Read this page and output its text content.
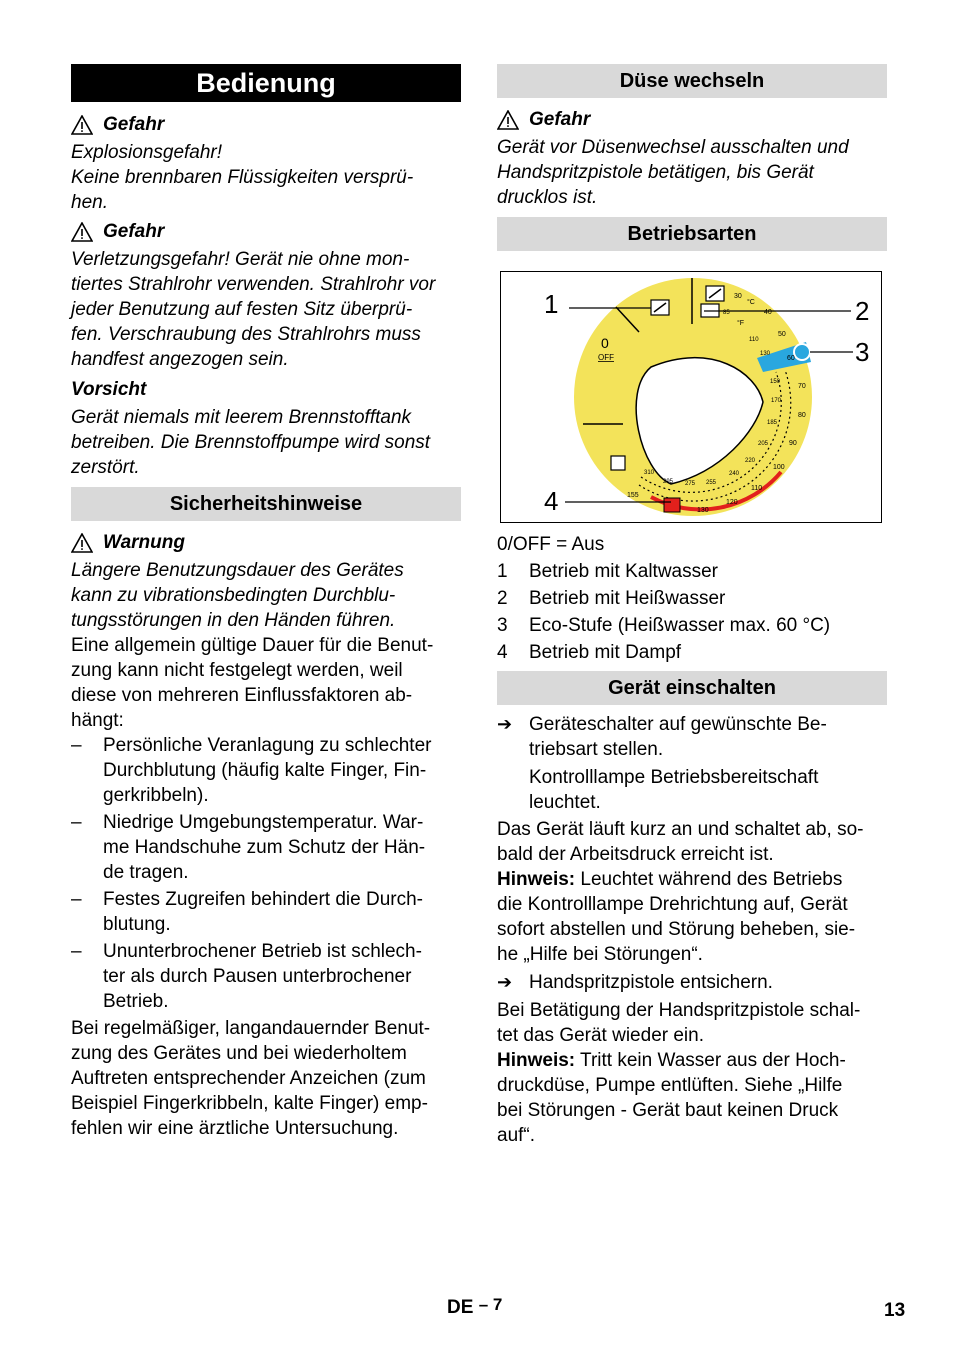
Bedienung
Gefahr

Explosionsgefahr!
Keine brennbaren Flüssigkeiten versprü-
hen.

Gefahr

Verletzungsgefahr! Gerät nie ohne mon-
tiertes Strahlrohr verwenden. Strahlrohr vor
jeder Benutzung auf festen Sitz überprü-
fen. Verschraubung des Strahlrohrs muss
handfest angezogen sein.

Vorsicht

Gerät niemals mit leerem Brennstofftank
betreiben. Die Brennstoffpumpe wird sonst
zerstört.

Sicherheitshinweise
Warnung

Längere Benutzungsdauer des Gerätes
kann zu vibrationsbedingten Durchblu-
tungsstörungen in den Händen führen.

Eine allgemein gültige Dauer für die Benut-
zung kann nicht festgelegt werden, weil
diese von mehreren Einflussfaktoren ab-
hängt:

–	Persönliche Veranlagung zu schlechter
Durchblutung (häufig kalte Finger, Fin-
gerkribbeln).
–	Niedrige Umgebungstemperatur. War-
me Handschuhe zum Schutz der Hän-
de tragen.
–	Festes Zugreifen behindert die Durch-
blutung.
–	Ununterbrochener Betrieb ist schlech-
ter als durch Pausen unterbrochener
Betrieb.

Bei regelmäßiger, langandauernder Benut-
zung des Gerätes und bei wiederholtem
Auftreten entsprechender Anzeichen (zum
Beispiel Fingerkribbeln, kalte Finger) emp-
fehlen wir eine ärztliche Untersuchung.

Düse wechseln
Gefahr

Gerät vor Düsenwechsel ausschalten und
Handspritzpistole betätigen, bis Gerät
drucklos ist.

Betriebsarten
0
OFF
°C
°F
30
40
50
60
70
80
90
100
110
120
130
155
85
110
130
150
170
185
205
220
240
255
275
295
310
1	2
3
4
0/OFF
= Aus
1	Betrieb mit Kaltwasser
2	Betrieb mit Heißwasser
3	Eco-Stufe (Heißwasser max. 60 °C)
4	Betrieb mit Dampf
Gerät einschalten
➔ Geräteschalter auf gewünschte Be-
triebsart stellen.

Kontrolllampe Betriebsbereitschaft
leuchtet.

Das Gerät läuft kurz an und schaltet ab, so-
bald der Arbeitsdruck erreicht ist.

Hinweis: Leuchtet während des Betriebs
die Kontrolllampe Drehrichtung auf, Gerät
sofort abstellen und Störung beheben, sie-
he „Hilfe bei Störungen“.

➔ Handspritzpistole entsichern.

Bei Betätigung der Handspritzpistole schal-
tet das Gerät wieder ein.

Hinweis: Tritt kein Wasser aus der Hoch-
druckdüse, Pumpe entlüften. Siehe „Hilfe
bei Störungen - Gerät baut keinen Druck
auf“.

DE – 7	13
